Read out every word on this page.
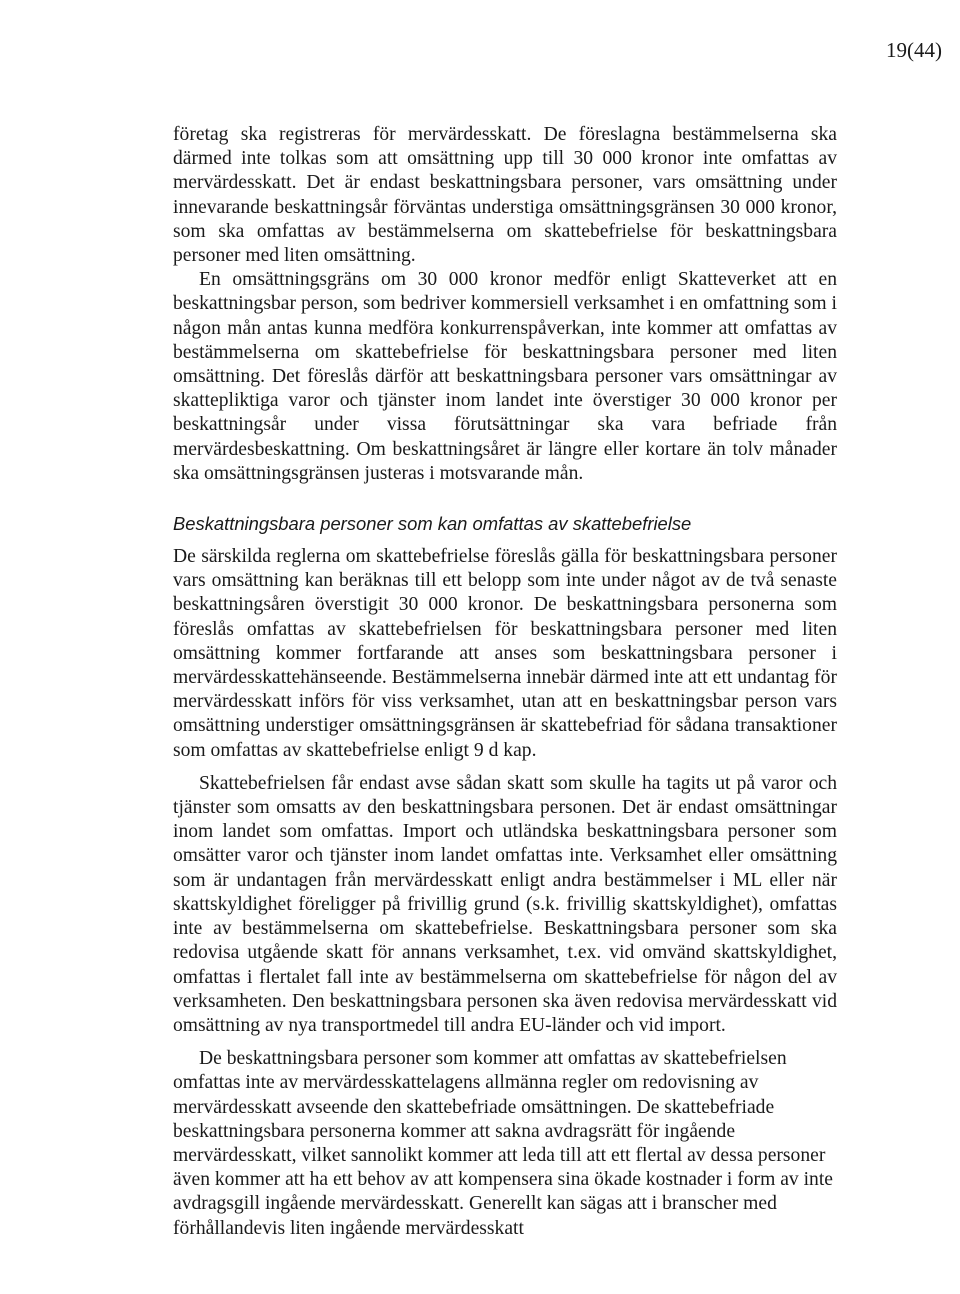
19(44)

företag ska registreras för mervärdesskatt. De föreslagna bestämmelserna ska därmed inte tolkas som att omsättning upp till 30 000 kronor inte omfattas av mervärdesskatt. Det är endast beskattningsbara personer, vars omsättning under innevarande beskattningsår förväntas understiga omsättningsgränsen 30 000 kronor, som ska omfattas av bestämmelserna om skattebefrielse för beskattningsbara personer med liten omsättning.

En omsättningsgräns om 30 000 kronor medför enligt Skatteverket att en beskattningsbar person, som bedriver kommersiell verksamhet i en omfattning som i någon mån antas kunna medföra konkurrenspåverkan, inte kommer att omfattas av bestämmelserna om skattebefrielse för beskattningsbara personer med liten omsättning. Det föreslås därför att beskattningsbara personer vars omsättningar av skattepliktiga varor och tjänster inom landet inte överstiger 30 000 kronor per beskattningsår under vissa förutsättningar ska vara befriade från mervärdesbeskattning. Om beskattningsåret är längre eller kortare än tolv månader ska omsättningsgränsen justeras i motsvarande mån.

Beskattningsbara personer som kan omfattas av skattebefrielse

De särskilda reglerna om skattebefrielse föreslås gälla för beskattningsbara personer vars omsättning kan beräknas till ett belopp som inte under något av de två senaste beskattningsåren överstigit 30 000 kronor. De beskattningsbara personerna som föreslås omfattas av skattebefrielsen för beskattningsbara personer med liten omsättning kommer fortfarande att anses som beskattningsbara personer i mervärdesskattehänseende. Bestämmelserna innebär därmed inte att ett undantag för mervärdesskatt införs för viss verksamhet, utan att en beskattningsbar person vars omsättning understiger omsättningsgränsen är skattebefriad för sådana transaktioner som omfattas av skattebefrielse enligt 9 d kap.

Skattebefrielsen får endast avse sådan skatt som skulle ha tagits ut på varor och tjänster som omsatts av den beskattningsbara personen. Det är endast omsättningar inom landet som omfattas. Import och utländska beskattningsbara personer som omsätter varor och tjänster inom landet omfattas inte. Verksamhet eller omsättning som är undantagen från mervärdesskatt enligt andra bestämmelser i ML eller när skattskyldighet föreligger på frivillig grund (s.k. frivillig skattskyldighet), omfattas inte av bestämmelserna om skattebefrielse. Beskattningsbara personer som ska redovisa utgående skatt för annans verksamhet, t.ex. vid omvänd skattskyldighet, omfattas i flertalet fall inte av bestämmelserna om skattebefrielse för någon del av verksamheten. Den beskattningsbara personen ska även redovisa mervärdesskatt vid omsättning av nya transportmedel till andra EU-länder och vid import.

De beskattningsbara personer som kommer att omfattas av skattebefrielsen omfattas inte av mervärdesskattelagens allmänna regler om redovisning av mervärdesskatt avseende den skattebefriade omsättningen. De skattebefriade beskattningsbara personerna kommer att sakna avdragsrätt för ingående mervärdesskatt, vilket sannolikt kommer att leda till att ett flertal av dessa personer även kommer att ha ett behov av att kompensera sina ökade kostnader i form av inte avdragsgill ingående mervärdesskatt. Generellt kan sägas att i branscher med förhållandevis liten ingående mervärdesskatt
